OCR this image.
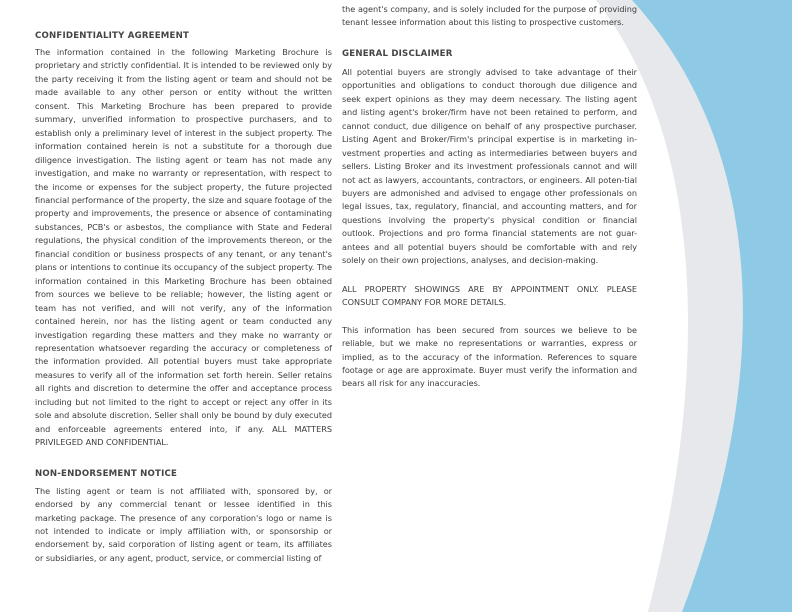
CONFIDENTIALITY AGREEMENT

The information contained in the following Marketing Brochure is proprietary and strictly confidential. It is intended to be reviewed only by the party receiving it from the listing agent or team and should not be made available to any other person or entity without the written consent. This Marketing Brochure has been prepared to provide summary, unverified information to prospective purchasers, and to establish only a preliminary level of interest in the subject property. The information contained herein is not a substitute for a thorough due diligence investigation. The listing agent or team has not made any investigation, and make no warranty or representation, with respect to the income or expenses for the subject property, the future projected financial performance of the property, the size and square footage of the property and improvements, the presence or absence of contaminating substances, PCB's or asbestos, the compliance with State and Federal regulations, the physical condition of the improvements thereon, or the financial condition or business prospects of any tenant, or any tenant's plans or intentions to continue its occupancy of the subject property. The information contained in this Marketing Brochure has been obtained from sources we believe to be reliable; however, the listing agent or team has not verified, and will not verify, any of the information contained herein, nor has the listing agent or team conducted any investigation regarding these matters and they make no warranty or representation whatsoever regarding the accuracy or completeness of the information provided. All potential buyers must take appropriate measures to verify all of the information set forth herein. Seller retains all rights and discretion to determine the offer and acceptance process including but not limited to the right to accept or reject any offer in its sole and absolute discretion. Seller shall only be bound by duly executed and enforceable agreements entered into, if any. ALL MATTERS PRIVILEGED AND CONFIDENTIAL.

NON-ENDORSEMENT NOTICE

The listing agent or team is not affiliated with, sponsored by, or endorsed by any commercial tenant or lessee identified in this marketing package. The presence of any corporation's logo or name is not intended to indicate or imply affiliation with, or sponsorship or endorsement by, said corporation of listing agent or team, its affiliates or subsidiaries, or any agent, product, service, or commercial listing of

the agent's company, and is solely included for the purpose of providing tenant lessee information about this listing to prospective customers.

GENERAL DISCLAIMER

All potential buyers are strongly advised to take advantage of their opportunities and obligations to conduct thorough due diligence and seek expert opinions as they may deem necessary. The listing agent and listing agent's broker/firm have not been retained to perform, and cannot conduct, due diligence on behalf of any prospective purchaser. Listing Agent and Broker/Firm's principal expertise is in marketing in-vestment properties and acting as intermediaries between buyers and sellers. Listing Broker and its investment professionals cannot and will not act as lawyers, accountants, contractors, or engineers. All poten-tial buyers are admonished and advised to engage other professionals on legal issues, tax, regulatory, financial, and accounting matters, and for questions involving the property's physical condition or financial outlook. Projections and pro forma financial statements are not guar-antees and all potential buyers should be comfortable with and rely solely on their own projections, analyses, and decision-making.

ALL PROPERTY SHOWINGS ARE BY APPOINTMENT ONLY. PLEASE CONSULT COMPANY FOR MORE DETAILS.

This information has been secured from sources we believe to be reliable, but we make no representations or warranties, express or implied, as to the accuracy of the information. References to square footage or age are approximate. Buyer must verify the information and bears all risk for any inaccuracies.
